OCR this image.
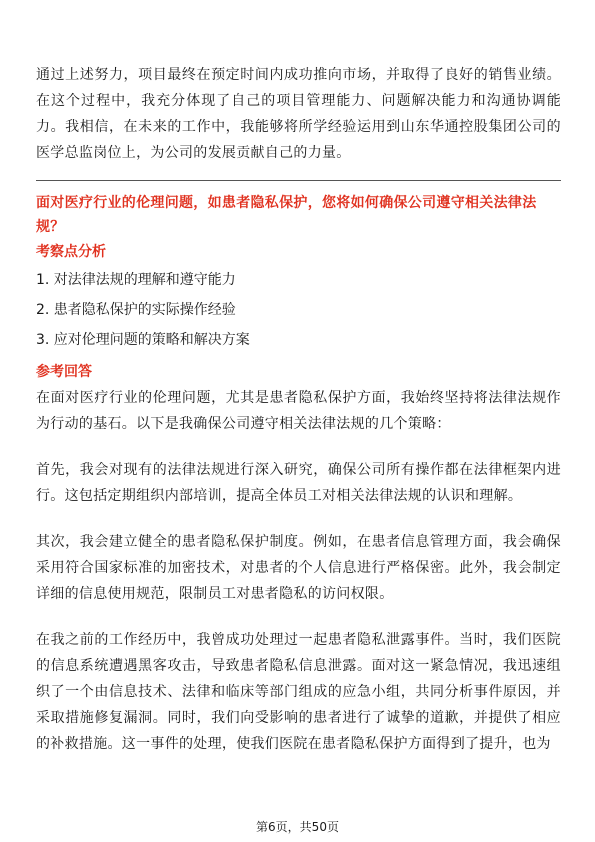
通过上述努力，项目最终在预定时间内成功推向市场，并取得了良好的销售业绩。在这个过程中，我充分体现了自己的项目管理能力、问题解决能力和沟通协调能力。我相信，在未来的工作中，我能够将所学经验运用到山东华通控股集团公司的医学总监岗位上，为公司的发展贡献自己的力量。

面对医疗行业的伦理问题，如患者隐私保护，您将如何确保公司遵守相关法律法规？

考察点分析

1. 对法律法规的理解和遵守能力

2. 患者隐私保护的实际操作经验

3. 应对伦理问题的策略和解决方案

参考回答

在面对医疗行业的伦理问题，尤其是患者隐私保护方面，我始终坚持将法律法规作为行动的基石。以下是我确保公司遵守相关法律法规的几个策略：

首先，我会对现有的法律法规进行深入研究，确保公司所有操作都在法律框架内进行。这包括定期组织内部培训，提高全体员工对相关法律法规的认识和理解。

其次，我会建立健全的患者隐私保护制度。例如，在患者信息管理方面，我会确保采用符合国家标准的加密技术，对患者的个人信息进行严格保密。此外，我会制定详细的信息使用规范，限制员工对患者隐私的访问权限。

在我之前的工作经历中，我曾成功处理过一起患者隐私泄露事件。当时，我们医院的信息系统遭遇黑客攻击，导致患者隐私信息泄露。面对这一紧急情况，我迅速组织了一个由信息技术、法律和临床等部门组成的应急小组，共同分析事件原因，并采取措施修复漏洞。同时，我们向受影响的患者进行了诚挚的道歉，并提供了相应的补救措施。这一事件的处理，使我们医院在患者隐私保护方面得到了提升，也为

第6页，共50页
